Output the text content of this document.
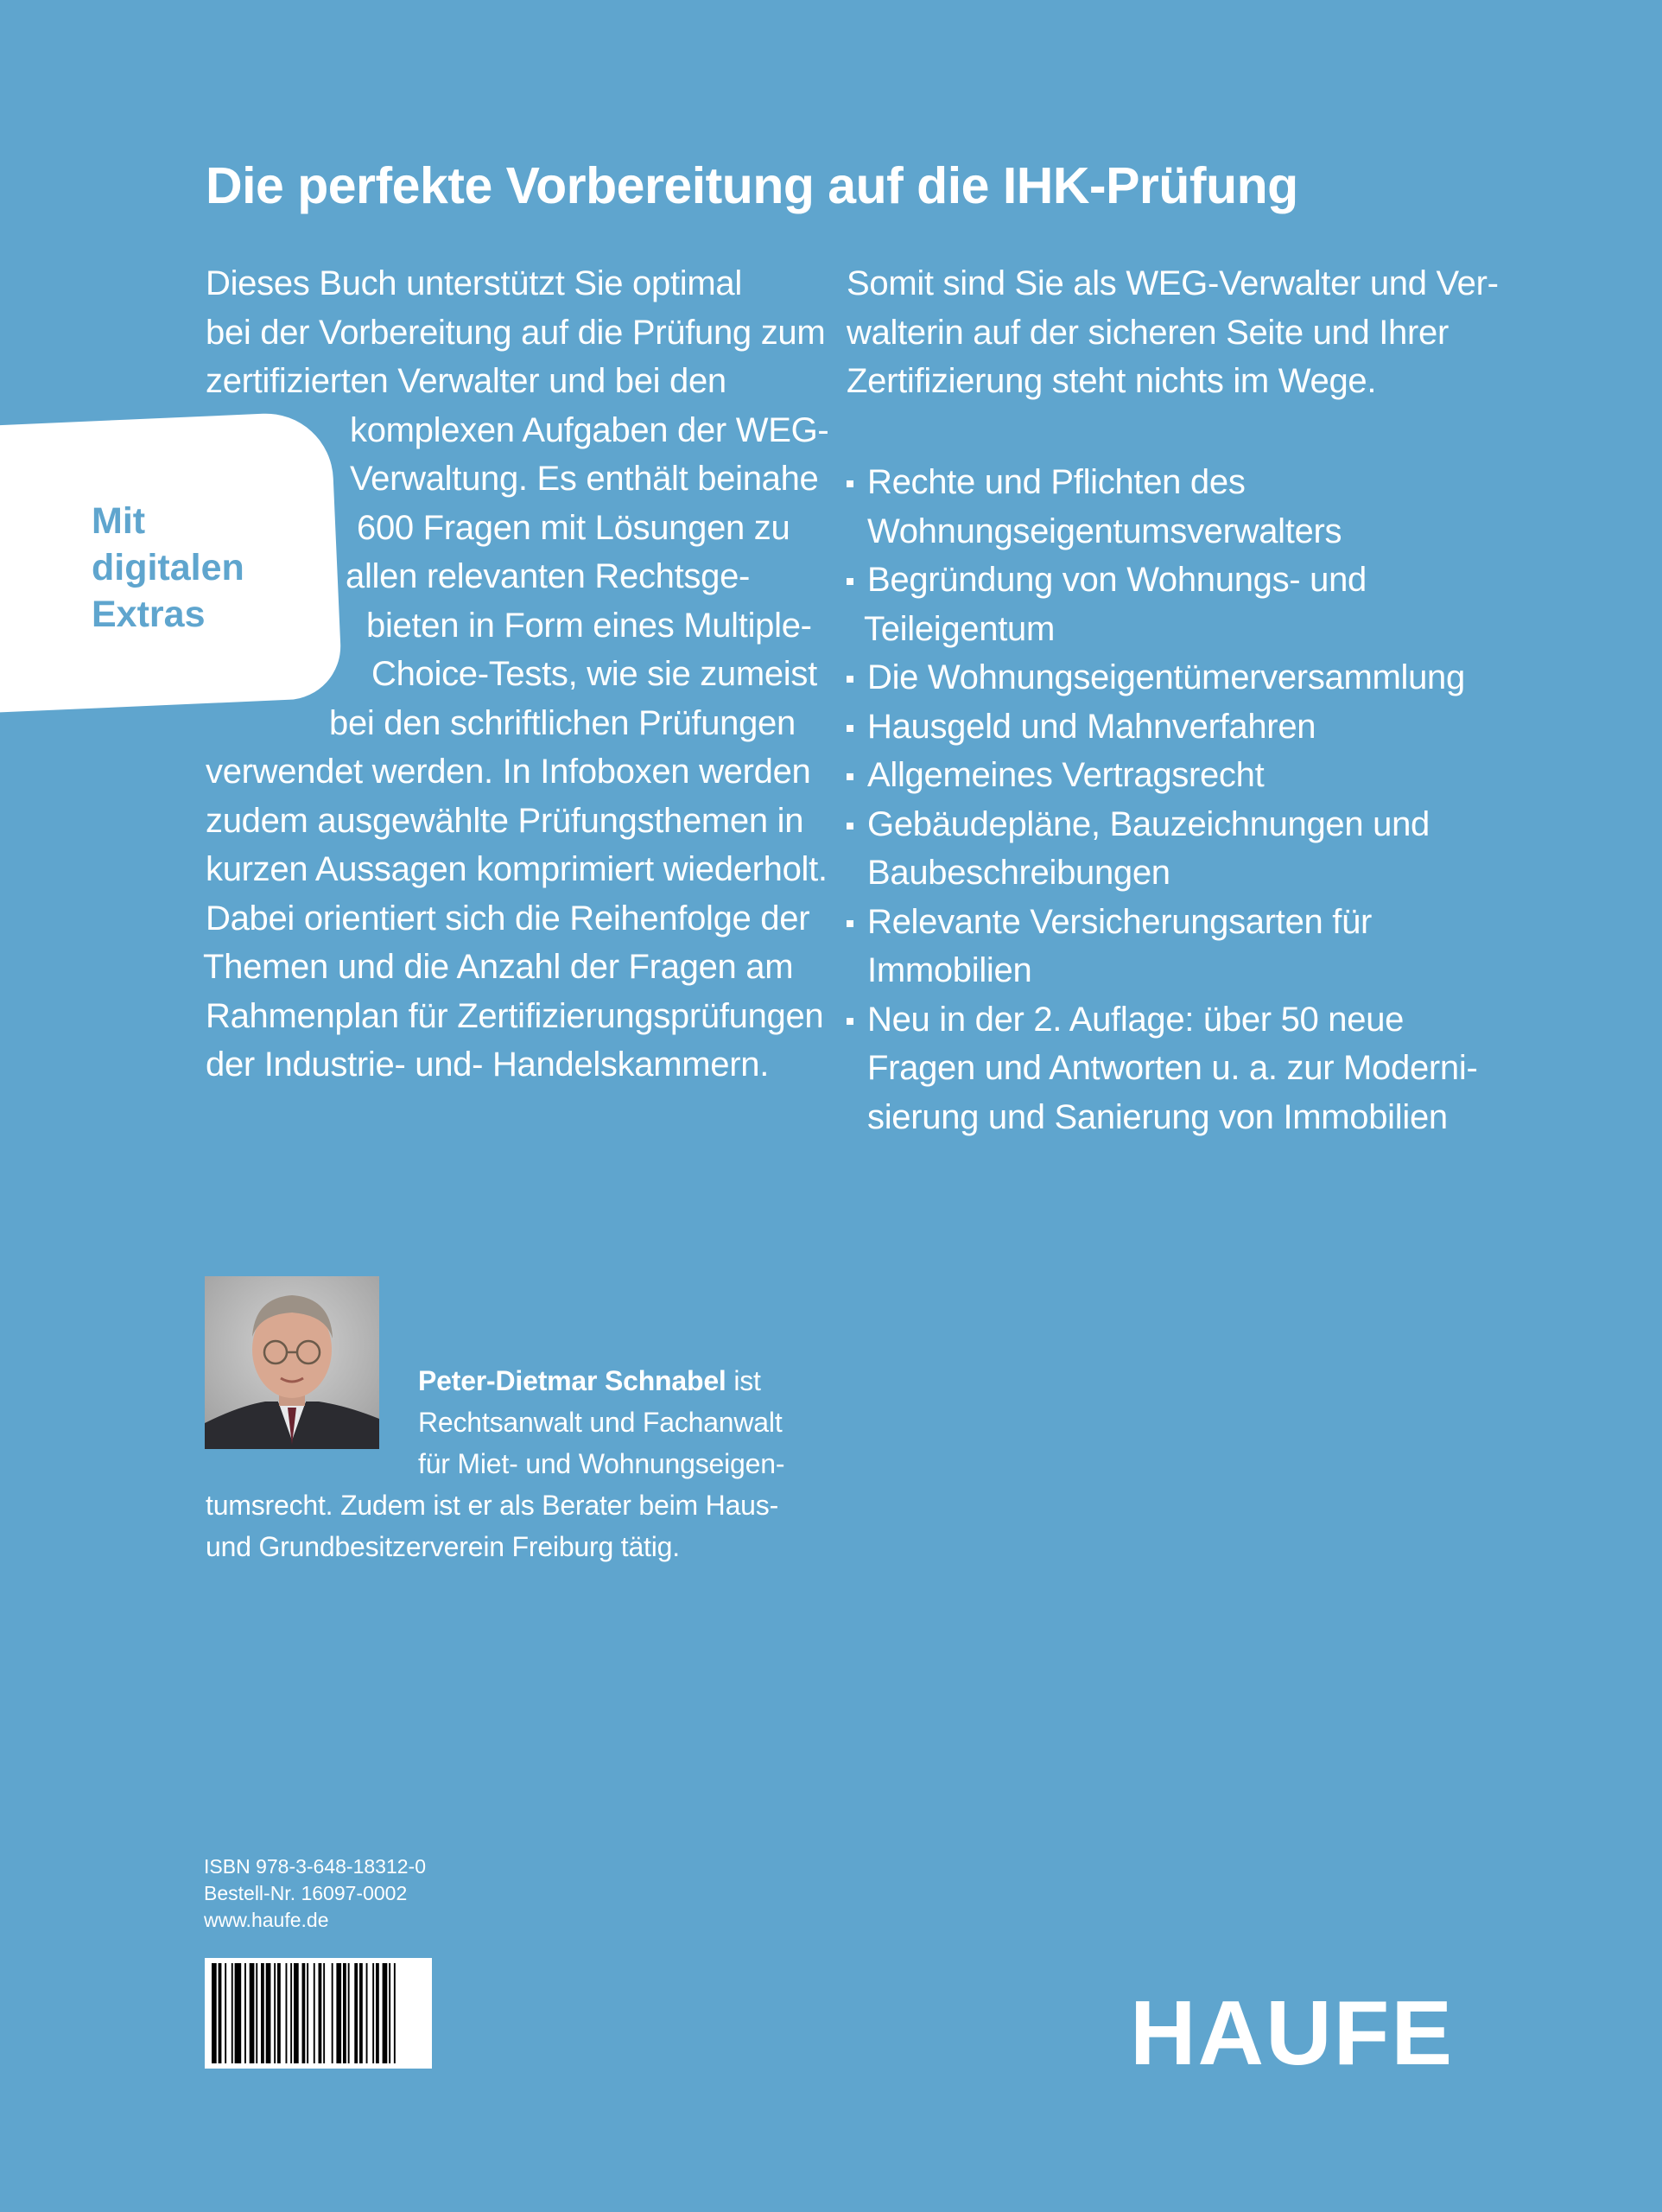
Die perfekte Vorbereitung auf die IHK-Prüfung
Mit
digitalen
Extras
Dieses Buch unterstützt Sie optimal
bei der Vorbereitung auf die Prüfung zum
zertifizierten Verwalter und bei den
komplexen Aufgaben der WEG-
Verwaltung. Es enthält beinahe
600 Fragen mit Lösungen zu
allen relevanten Rechtsge-
bieten in Form eines Multiple-
Choice-Tests, wie sie zumeist
bei den schriftlichen Prüfungen
verwendet werden. In Infoboxen werden
zudem ausgewählte Prüfungsthemen in
kurzen Aussagen komprimiert wiederholt.
Dabei orientiert sich die Reihenfolge der
Themen und die Anzahl der Fragen am
Rahmenplan für Zertifizierungsprüfungen
der Industrie- und- Handelskammern.
Somit sind Sie als WEG-Verwalter und Ver-
walterin auf der sicheren Seite und Ihrer
Zertifizierung steht nichts im Wege.
Rechte und Pflichten des
Wohnungseigentumsverwalters
Begründung von Wohnungs- und
Teileigentum
Die Wohnungseigentümerversammlung
Hausgeld und Mahnverfahren
Allgemeines Vertragsrecht
Gebäudepläne, Bauzeichnungen und
Baubeschreibungen
Relevante Versicherungsarten für
Immobilien
Neu in der 2. Auflage: über 50 neue
Fragen und Antworten u. a. zur Moderni-
sierung und Sanierung von Immobilien
Peter-Dietmar Schnabel ist
Rechtsanwalt und Fachanwalt
für Miet- und Wohnungseigen-
tumsrecht. Zudem ist er als Berater beim Haus-
und Grundbesitzerverein Freiburg tätig.
ISBN 978-3-648-18312-0
Bestell-Nr. 16097-0002
www.haufe.de
HAUFE
